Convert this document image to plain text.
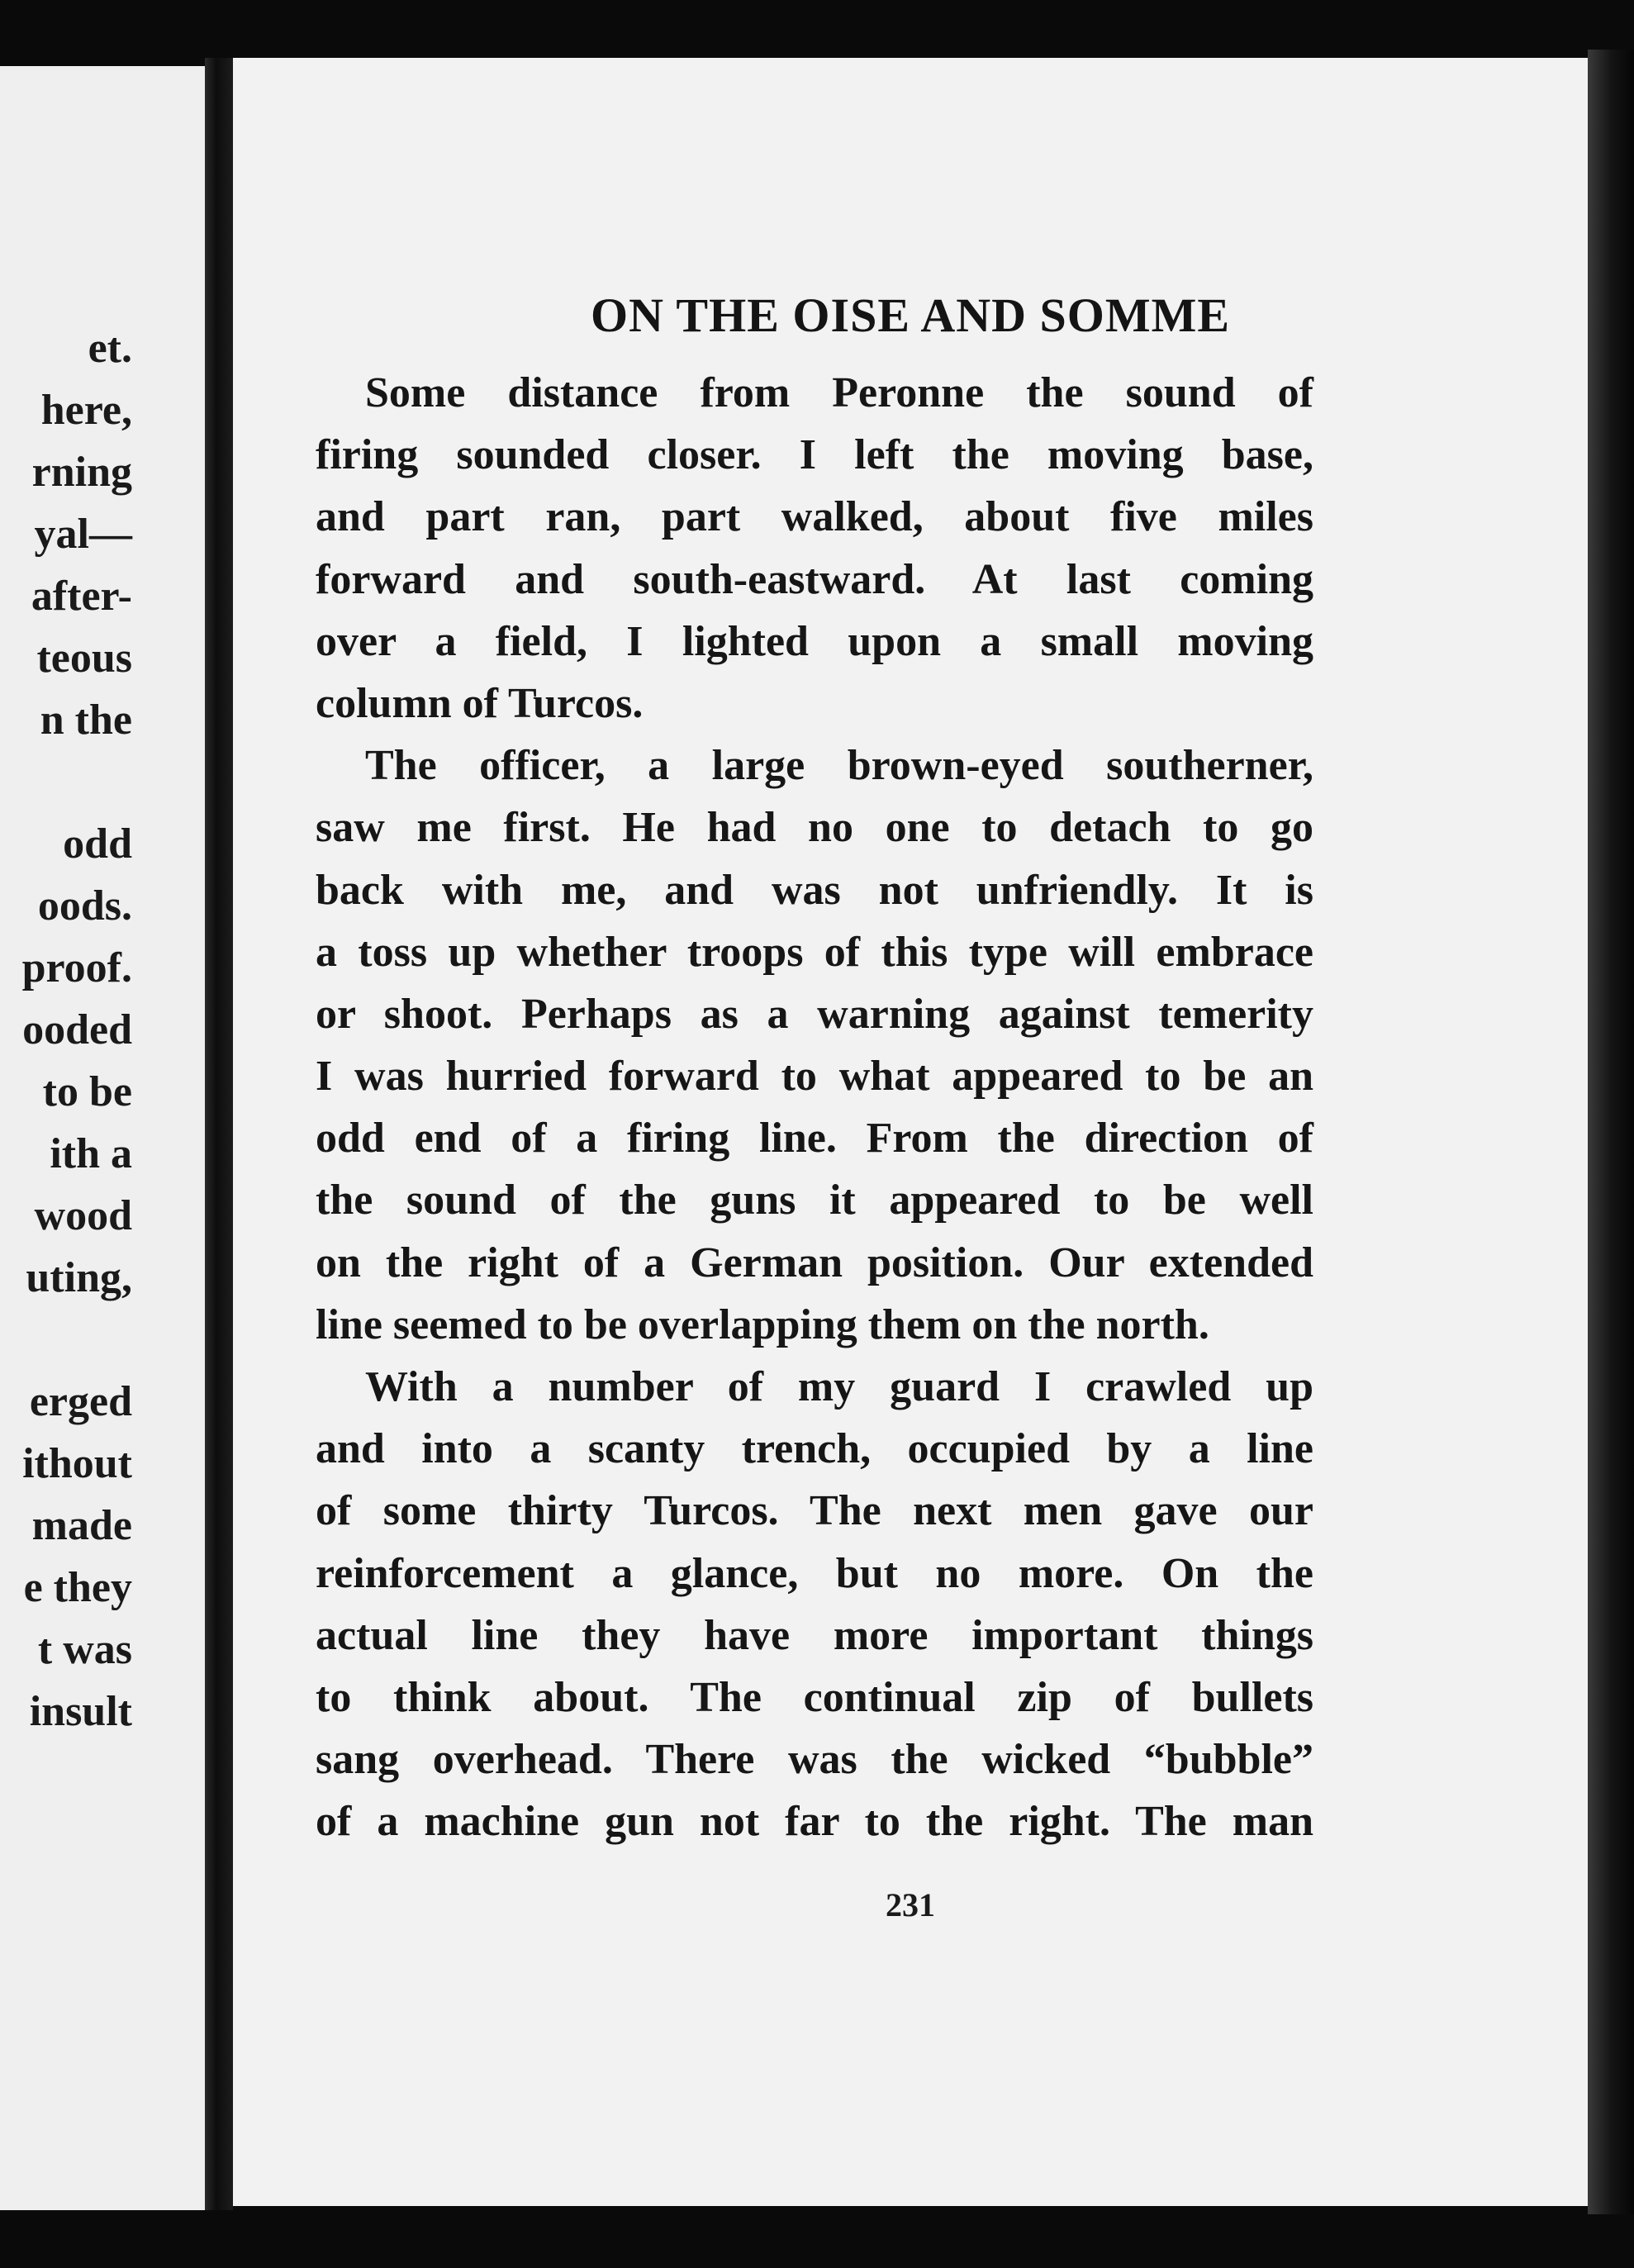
et.
here,
rning
yal—
after-
teous
n the
odd
oods.
proof.
ooded
to be
ith a
wood
uting,
erged
ithout
made
e they
t was
insult
ON THE OISE AND SOMME
Some distance from Peronne the sound of
firing sounded closer. I left the moving base,
and part ran, part walked, about five miles
forward and south-eastward. At last coming
over a field, I lighted upon a small moving
column of Turcos.
The officer, a large brown-eyed southerner,
saw me first. He had no one to detach to go
back with me, and was not unfriendly. It is
a toss up whether troops of this type will embrace
or shoot. Perhaps as a warning against temerity
I was hurried forward to what appeared to be an
odd end of a firing line. From the direction of
the sound of the guns it appeared to be well
on the right of a German position. Our extended
line seemed to be overlapping them on the north.
With a number of my guard I crawled up
and into a scanty trench, occupied by a line
of some thirty Turcos. The next men gave our
reinforcement a glance, but no more. On the
actual line they have more important things
to think about. The continual zip of bullets
sang overhead. There was the wicked “bubble”
of a machine gun not far to the right. The man
231
